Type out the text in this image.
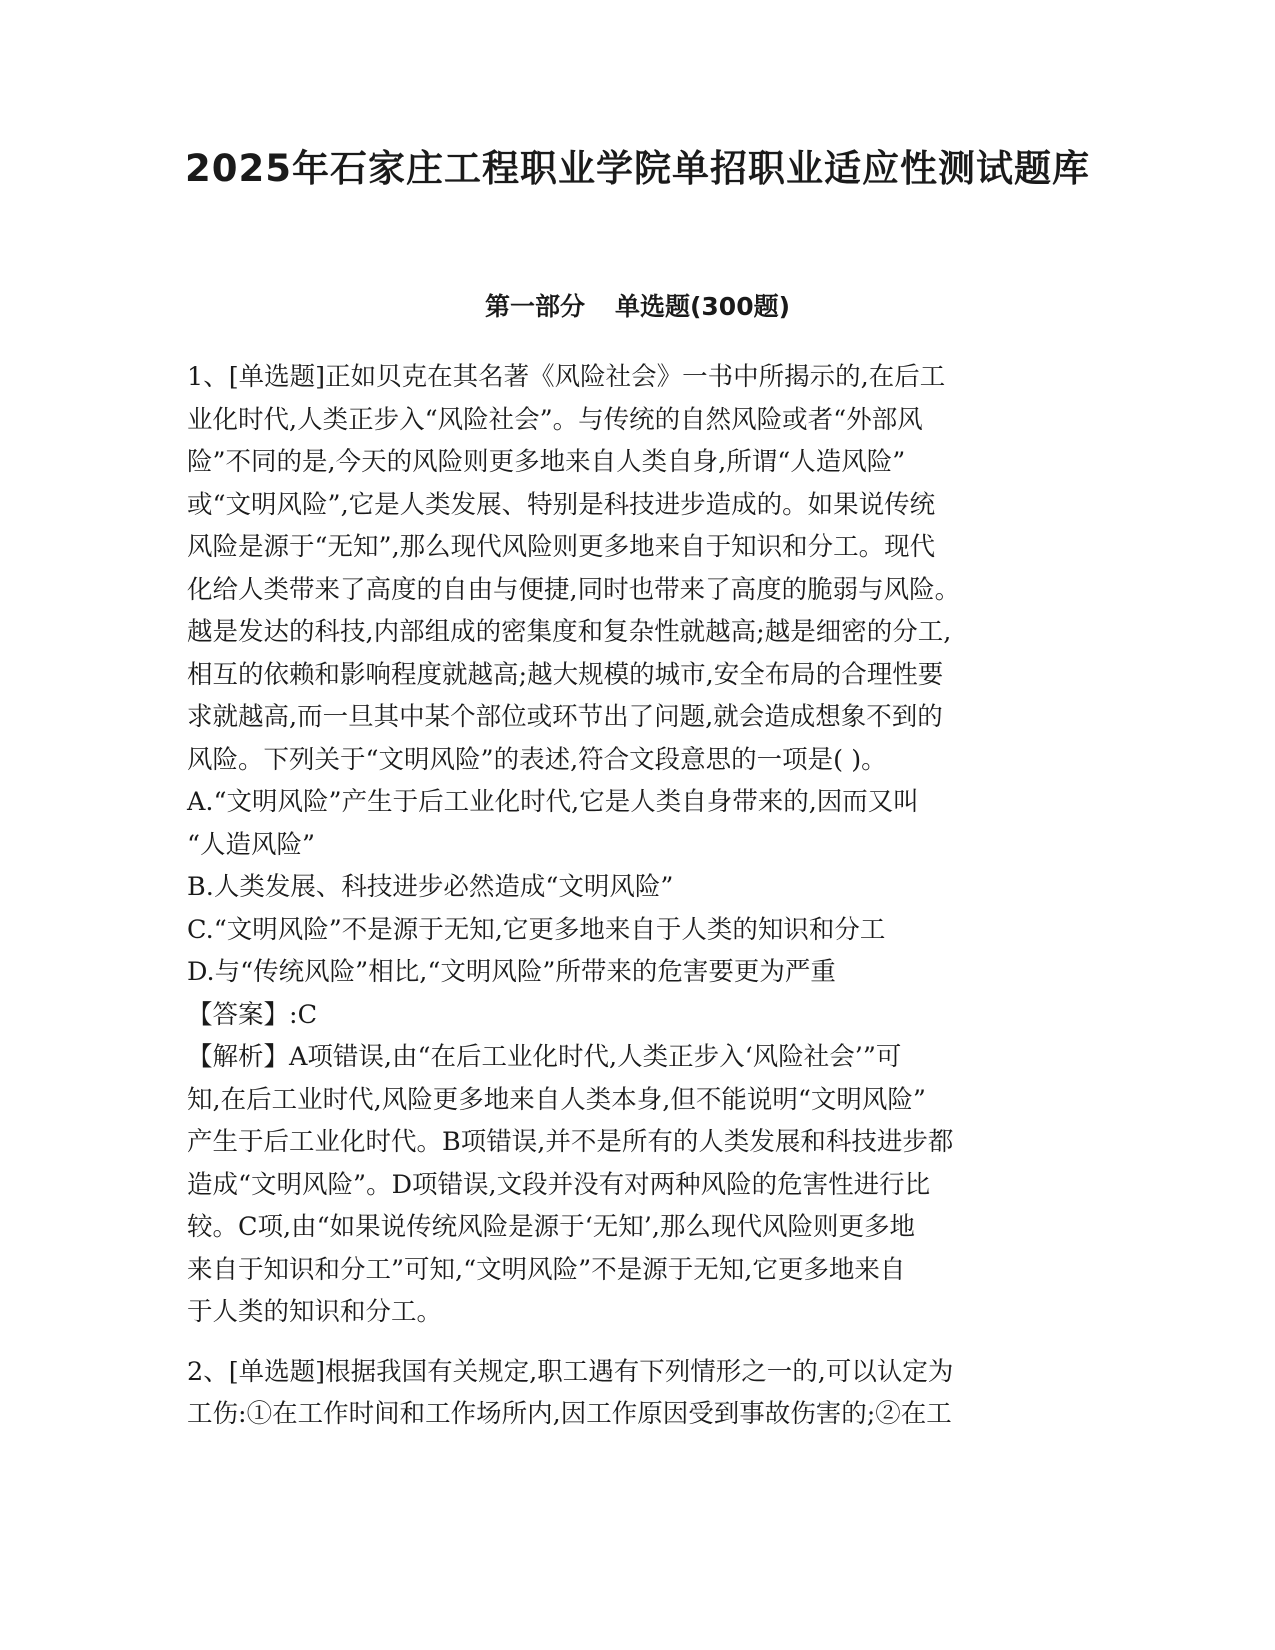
2025年石家庄工程职业学院单招职业适应性测试题库
第一部分 单选题(300题)
1、[单选题]正如贝克在其名著《风险社会》一书中所揭示的,在后工
业化时代,人类正步入“风险社会”。与传统的自然风险或者“外部风
险”不同的是,今天的风险则更多地来自人类自身,所谓“人造风险”
或“文明风险”,它是人类发展、特别是科技进步造成的。如果说传统
风险是源于“无知”,那么现代风险则更多地来自于知识和分工。现代
化给人类带来了高度的自由与便捷,同时也带来了高度的脆弱与风险。
越是发达的科技,内部组成的密集度和复杂性就越高;越是细密的分工,
相互的依赖和影响程度就越高;越大规模的城市,安全布局的合理性要
求就越高,而一旦其中某个部位或环节出了问题,就会造成想象不到的
风险。下列关于“文明风险”的表述,符合文段意思的一项是( )。
A.“文明风险”产生于后工业化时代,它是人类自身带来的,因而又叫
“人造风险”
B.人类发展、科技进步必然造成“文明风险”
C.“文明风险”不是源于无知,它更多地来自于人类的知识和分工
D.与“传统风险”相比,“文明风险”所带来的危害要更为严重
【答案】:C
【解析】A项错误,由“在后工业化时代,人类正步入‘风险社会’”可
知,在后工业时代,风险更多地来自人类本身,但不能说明“文明风险”
产生于后工业化时代。B项错误,并不是所有的人类发展和科技进步都
造成“文明风险”。D项错误,文段并没有对两种风险的危害性进行比
较。C项,由“如果说传统风险是源于‘无知’,那么现代风险则更多地
来自于知识和分工”可知,“文明风险”不是源于无知,它更多地来自
于人类的知识和分工。
2、[单选题]根据我国有关规定,职工遇有下列情形之一的,可以认定为
工伤:①在工作时间和工作场所内,因工作原因受到事故伤害的;②在工
